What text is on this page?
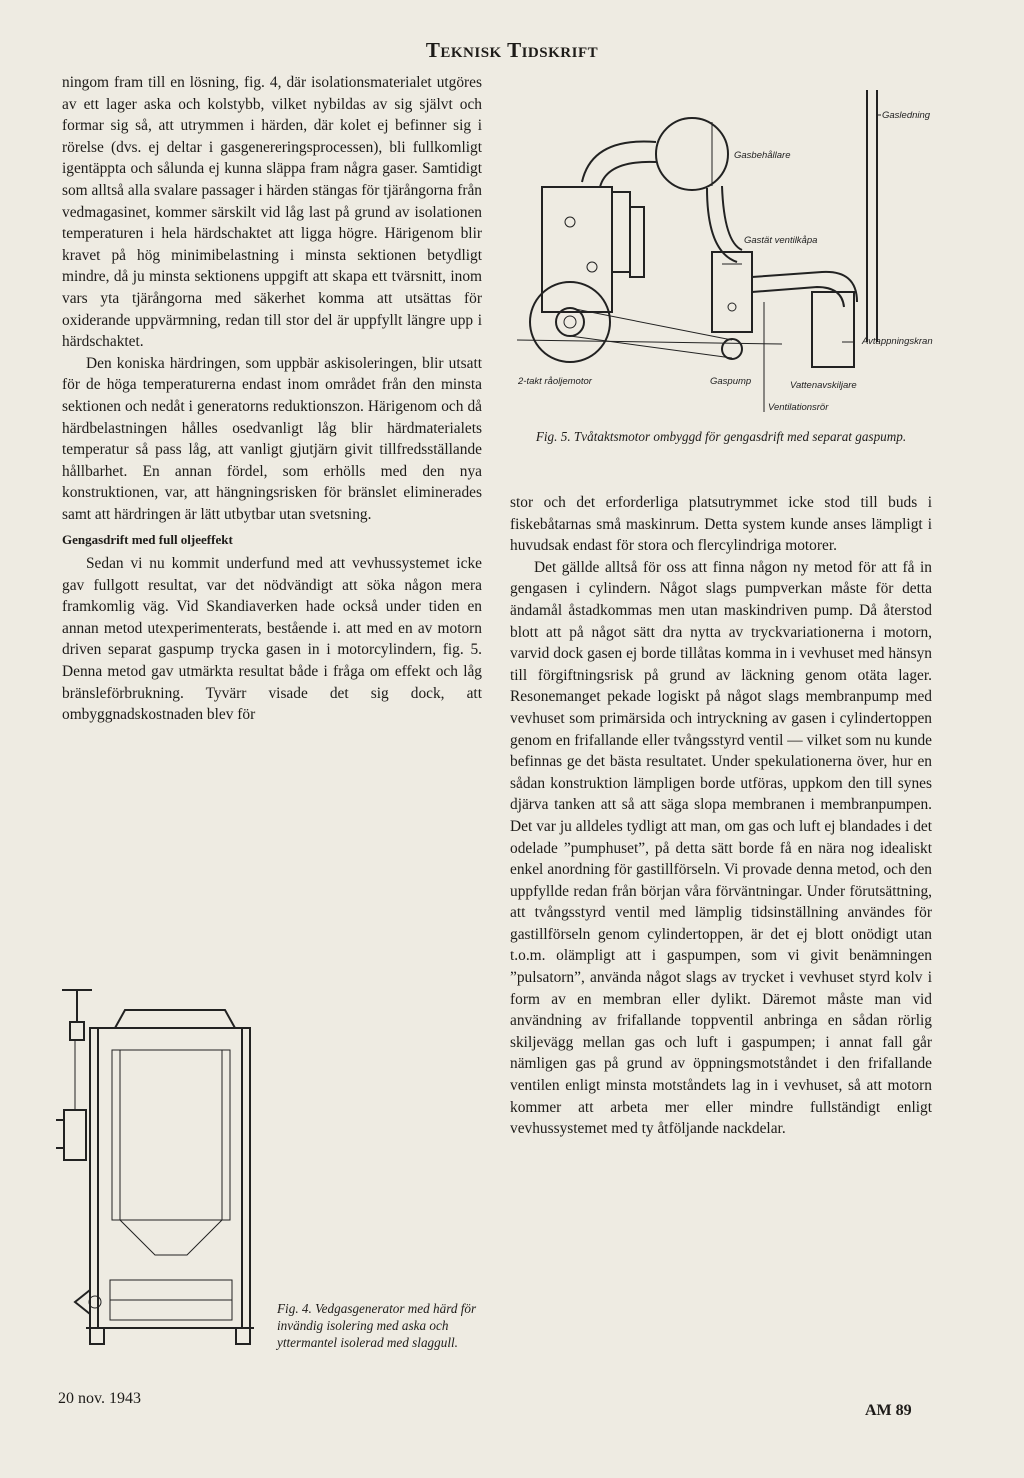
Teknisk Tidskrift

ningom fram till en lösning, fig. 4, där isolationsmaterialet utgöres av ett lager aska och kolstybb, vilket nybildas av sig självt och formar sig så, att utrymmen i härden, där kolet ej befinner sig i rörelse (dvs. ej deltar i gasgenereringsprocessen), bli fullkomligt igentäppta och sålunda ej kunna släppa fram några gaser. Samtidigt som alltså alla svalare passager i härden stängas för tjärångorna från vedmagasinet, kommer särskilt vid låg last på grund av isolationen temperaturen i hela härdschaktet att ligga högre. Härigenom blir kravet på hög minimibelastning i minsta sektionen betydligt mindre, då ju minsta sektionens uppgift att skapa ett tvärsnitt, inom vars yta tjärångorna med säkerhet komma att utsättas för oxiderande uppvärmning, redan till stor del är uppfyllt längre upp i härdschaktet.

Den koniska härdringen, som uppbär askisoleringen, blir utsatt för de höga temperaturerna endast inom området från den minsta sektionen och nedåt i generatorns reduktionszon. Härigenom och då härdbelastningen hålles osedvanligt låg blir härdmaterialets temperatur så pass låg, att vanligt gjutjärn givit tillfredsställande hållbarhet. En annan fördel, som erhölls med den nya konstruktionen, var, att hängningsrisken för bränslet eliminerades samt att härdringen är lätt utbytbar utan svetsning.

Gengasdrift med full oljeeffekt

Sedan vi nu kommit underfund med att vevhussystemet icke gav fullgott resultat, var det nödvändigt att söka någon mera framkomlig väg. Vid Skandiaverken hade också under tiden en annan metod utexperimenterats, bestående i. att med en av motorn driven separat gaspump trycka gasen in i motorcylindern, fig. 5. Denna metod gav utmärkta resultat både i fråga om effekt och låg bränsleförbrukning. Tyvärr visade det sig dock, att ombyggnadskostnaden blev för

Gasledning
Gasbehållare
Gastät ventilkåpa
Avtappningskran
2-takt råoljemotor	Gaspump	Vattenavskiljare
Ventilationsrör
Fig. 5. Tvåtaktsmotor ombyggd för gengasdrift med separat gaspump.

stor och det erforderliga platsutrymmet icke stod till buds i fiskebåtarnas små maskinrum. Detta system kunde anses lämpligt i huvudsak endast för stora och flercylindriga motorer.

Det gällde alltså för oss att finna någon ny metod för att få in gengasen i cylindern. Något slags pumpverkan måste för detta ändamål åstadkommas men utan maskindriven pump. Då återstod blott att på något sätt dra nytta av tryckvariationerna i motorn, varvid dock gasen ej borde tillåtas komma in i vevhuset med hänsyn till förgiftningsrisk på grund av läckning genom otäta lager. Resonemanget pekade logiskt på något slags membranpump med vevhuset som primärsida och intryckning av gasen i cylindertoppen genom en frifallande eller tvångsstyrd ventil — vilket som nu kunde befinnas ge det bästa resultatet. Under spekulationerna över, hur en sådan konstruktion lämpligen borde utföras, uppkom den till synes djärva tanken att så att säga slopa membranen i membranpumpen. Det var ju alldeles tydligt att man, om gas och luft ej blandades i det odelade ”pumphuset”, på detta sätt borde få en nära nog idealiskt enkel anordning för gastillförseln. Vi provade denna metod, och den uppfyllde redan från början våra förväntningar. Under förutsättning, att tvångsstyrd ventil med lämplig tidsinställning användes för gastillförseln genom cylindertoppen, är det ej blott onödigt utan t.o.m. olämpligt att i gaspumpen, som vi givit benämningen ”pulsatorn”, använda något slags av trycket i vevhuset styrd kolv i form av en membran eller dylikt. Däremot måste man vid användning av frifallande toppventil anbringa en sådan rörlig skiljevägg mellan gas och luft i gaspumpen; i annat fall går nämligen gas på grund av öppningsmotståndet i den frifallande ventilen enligt minsta motståndets lag in i vevhuset, så att motorn kommer att arbeta mer eller mindre fullständigt enligt vevhussystemet med ty åtföljande nackdelar.

Fig. 4. Vedgasgenerator med härd för invändig isolering med aska och yttermantel isolerad med slaggull.
20 nov. 1943
AM 89
